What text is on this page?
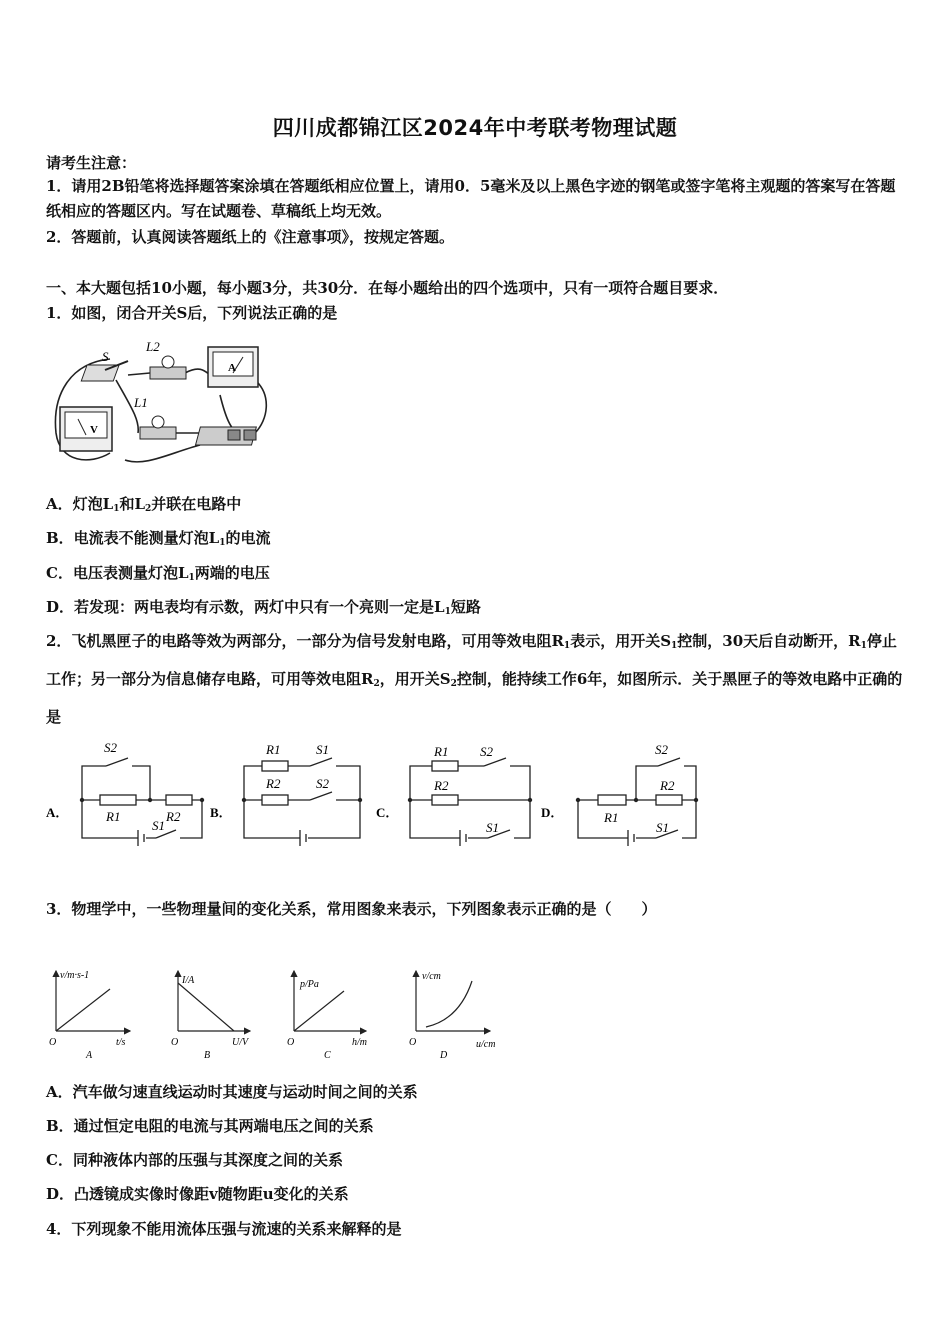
四川成都锦江区2024年中考联考物理试题
请考生注意：
1．请用2B铅笔将选择题答案涂填在答题纸相应位置上，请用0．5毫米及以上黑色字迹的钢笔或签字笔将主观题的答案写在答题纸相应的答题区内。写在试题卷、草稿纸上均无效。
2．答题前，认真阅读答题纸上的《注意事项》，按规定答题。
一、本大题包括10小题，每小题3分，共30分．在每小题给出的四个选项中，只有一项符合题目要求．
1．如图，闭合开关S后，下列说法正确的是
S
L2
A
L1
V
A．灯泡$L_1$和$L_2$并联在电路中
B．电流表不能测量灯泡$L_1$的电流
C．电压表测量灯泡$L_1$两端的电压
D．若发现：两电表均有示数，两灯中只有一个亮则一定是$L_1$短路
2．飞机黑匣子的电路等效为两部分，一部分为信号发射电路，可用等效电阻$R_1$表示，用开关$S_1$控制，30天后自动断开，$R_1$停止工作；另一部分为信息储存电路，可用等效电阻$R_2$，用开关$S_2$控制，能持续工作6年，如图所示．关于黑匣子的等效电路中正确的是
A．	B．	C．	D．
S2
R1	R2
S1
R1	S1
R2	S2
R1 S2
R2
S1
S2
R2
R1
S1
3．物理学中，一些物理量间的变化关系，常用图象来表示，下列图象表示正确的是（　　）
v/m·s-1
t/s
O
A
I/A
U/V
O
B
p/Pa
h/m
O
C
v/cm
u/cm
O
D
A．汽车做匀速直线运动时其速度与运动时间之间的关系
B．通过恒定电阻的电流与其两端电压之间的关系
C．同种液体内部的压强与其深度之间的关系
D．凸透镜成实像时像距v随物距u变化的关系
4．下列现象不能用流体压强与流速的关系来解释的是
